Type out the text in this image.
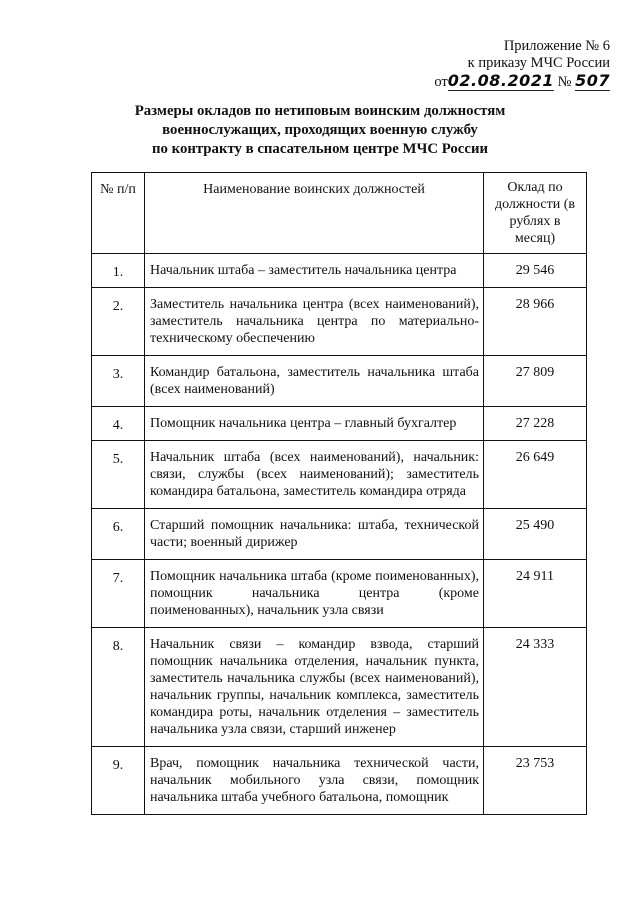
Приложение № 6
к приказу МЧС России
от02.08.2021 № 507
Размеры окладов по нетиповым воинским должностям
военнослужащих, проходящих военную службу
по контракту в спасательном центре МЧС России
№ п/п	Наименование воинских должностей	Оклад по должности (в рублях в месяц)
1.	Начальник штаба – заместитель начальника центра	29 546
2.	Заместитель начальника центра (всех наименований), заместитель начальника центра по материально-техническому обеспечению	28 966
3.	Командир батальона, заместитель начальника штаба (всех наименований)	27 809
4.	Помощник начальника центра – главный бухгалтер	27 228
5.	Начальник штаба (всех наименований), начальник: связи, службы (всех наименований); заместитель командира батальона, заместитель командира отряда	26 649
6.	Старший помощник начальника: штаба, технической части; военный дирижер	25 490
7.	Помощник начальника штаба (кроме поименованных), помощник начальника центра (кроме поименованных), начальник узла связи	24 911
8.	Начальник связи – командир взвода, старший помощник начальника отделения, начальник пункта, заместитель начальника службы (всех наименований), начальник группы, начальник комплекса, заместитель командира роты, начальник отделения – заместитель начальника узла связи, старший инженер	24 333
9.	Врач, помощник начальника технической части, начальник мобильного узла связи, помощник начальника штаба учебного батальона, помощник	23 753
